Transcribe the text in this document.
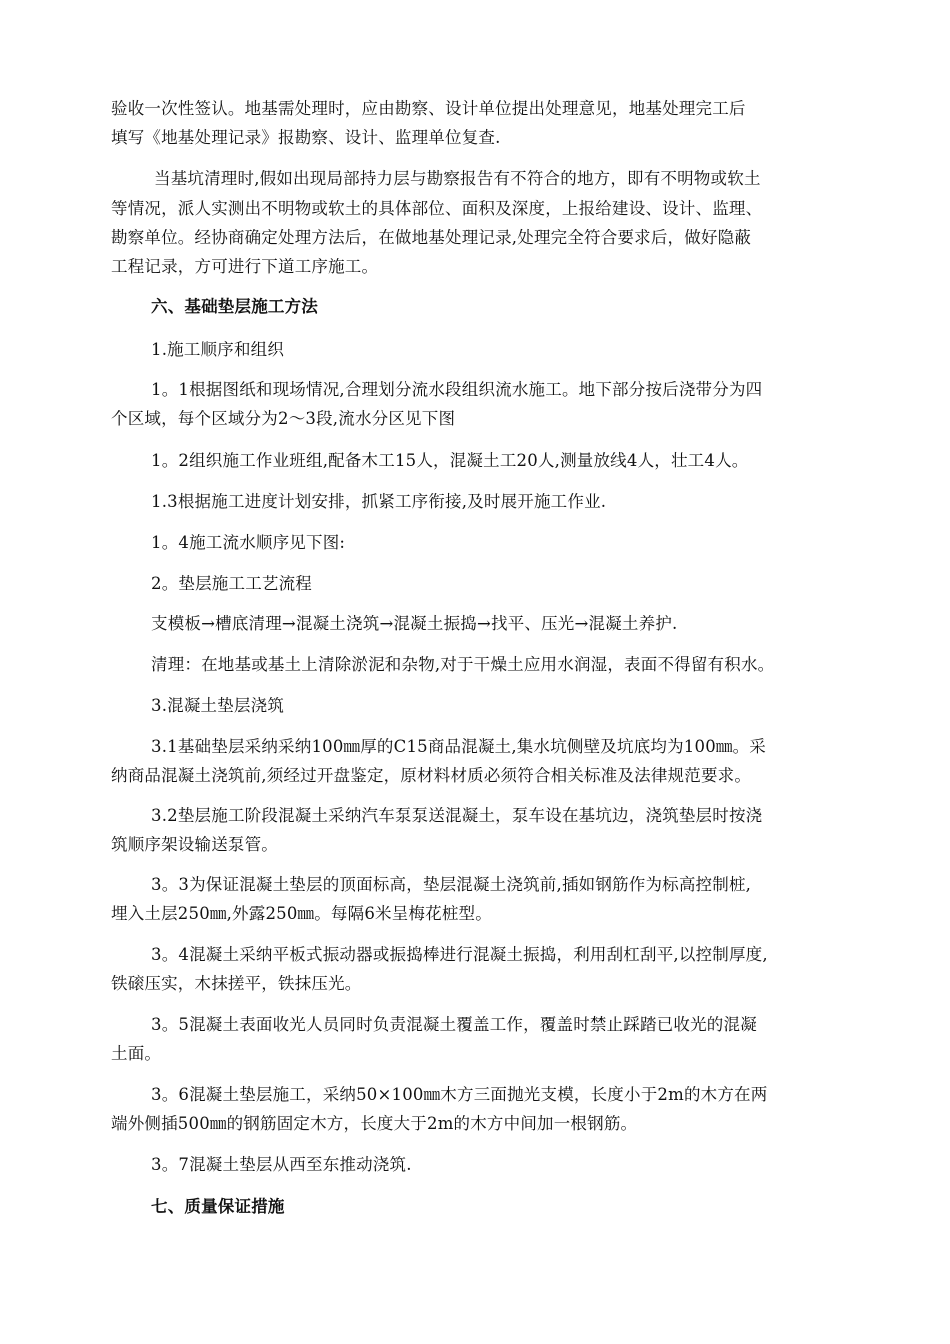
验收一次性签认。地基需处理时，应由勘察、设计单位提出处理意见，地基处理完工后
填写《地基处理记录》报勘察、设计、监理单位复查.
当基坑清理时,假如出现局部持力层与勘察报告有不符合的地方，即有不明物或软土
等情况，派人实测出不明物或软土的具体部位、面积及深度，上报给建设、设计、监理、
勘察单位。经协商确定处理方法后，在做地基处理记录,处理完全符合要求后，做好隐蔽
工程记录，方可进行下道工序施工。
六、基础垫层施工方法
1.施工顺序和组织
1。1根据图纸和现场情况,合理划分流水段组织流水施工。地下部分按后浇带分为四
个区域，每个区域分为2～3段,流水分区见下图
1。2组织施工作业班组,配备木工15人，混凝土工20人,测量放线4人，壮工4人。
1.3根据施工进度计划安排，抓紧工序衔接,及时展开施工作业.
1。4施工流水顺序见下图:
2。垫层施工工艺流程
支模板→槽底清理→混凝土浇筑→混凝土振捣→找平、压光→混凝土养护.
清理：在地基或基土上清除淤泥和杂物,对于干燥土应用水润湿，表面不得留有积水。
3.混凝土垫层浇筑
3.1基础垫层采纳采纳100㎜厚的C15商品混凝土,集水坑侧壁及坑底均为100㎜。采
纳商品混凝土浇筑前,须经过开盘鉴定，原材料材质必须符合相关标准及法律规范要求。
3.2垫层施工阶段混凝土采纳汽车泵泵送混凝土，泵车设在基坑边，浇筑垫层时按浇
筑顺序架设输送泵管。
3。3为保证混凝土垫层的顶面标高，垫层混凝土浇筑前,插如钢筋作为标高控制桩,
埋入土层250㎜,外露250㎜。每隔6米呈梅花桩型。
3。4混凝土采纳平板式振动器或振捣棒进行混凝土振捣，利用刮杠刮平,以控制厚度,
铁磙压实，木抹搓平，铁抹压光。
3。5混凝土表面收光人员同时负责混凝土覆盖工作，覆盖时禁止踩踏已收光的混凝
土面。
3。6混凝土垫层施工，采纳50×100㎜木方三面抛光支模，长度小于2m的木方在两
端外侧插500㎜的钢筋固定木方，长度大于2m的木方中间加一根钢筋。
3。7混凝土垫层从西至东推动浇筑.
七、质量保证措施
